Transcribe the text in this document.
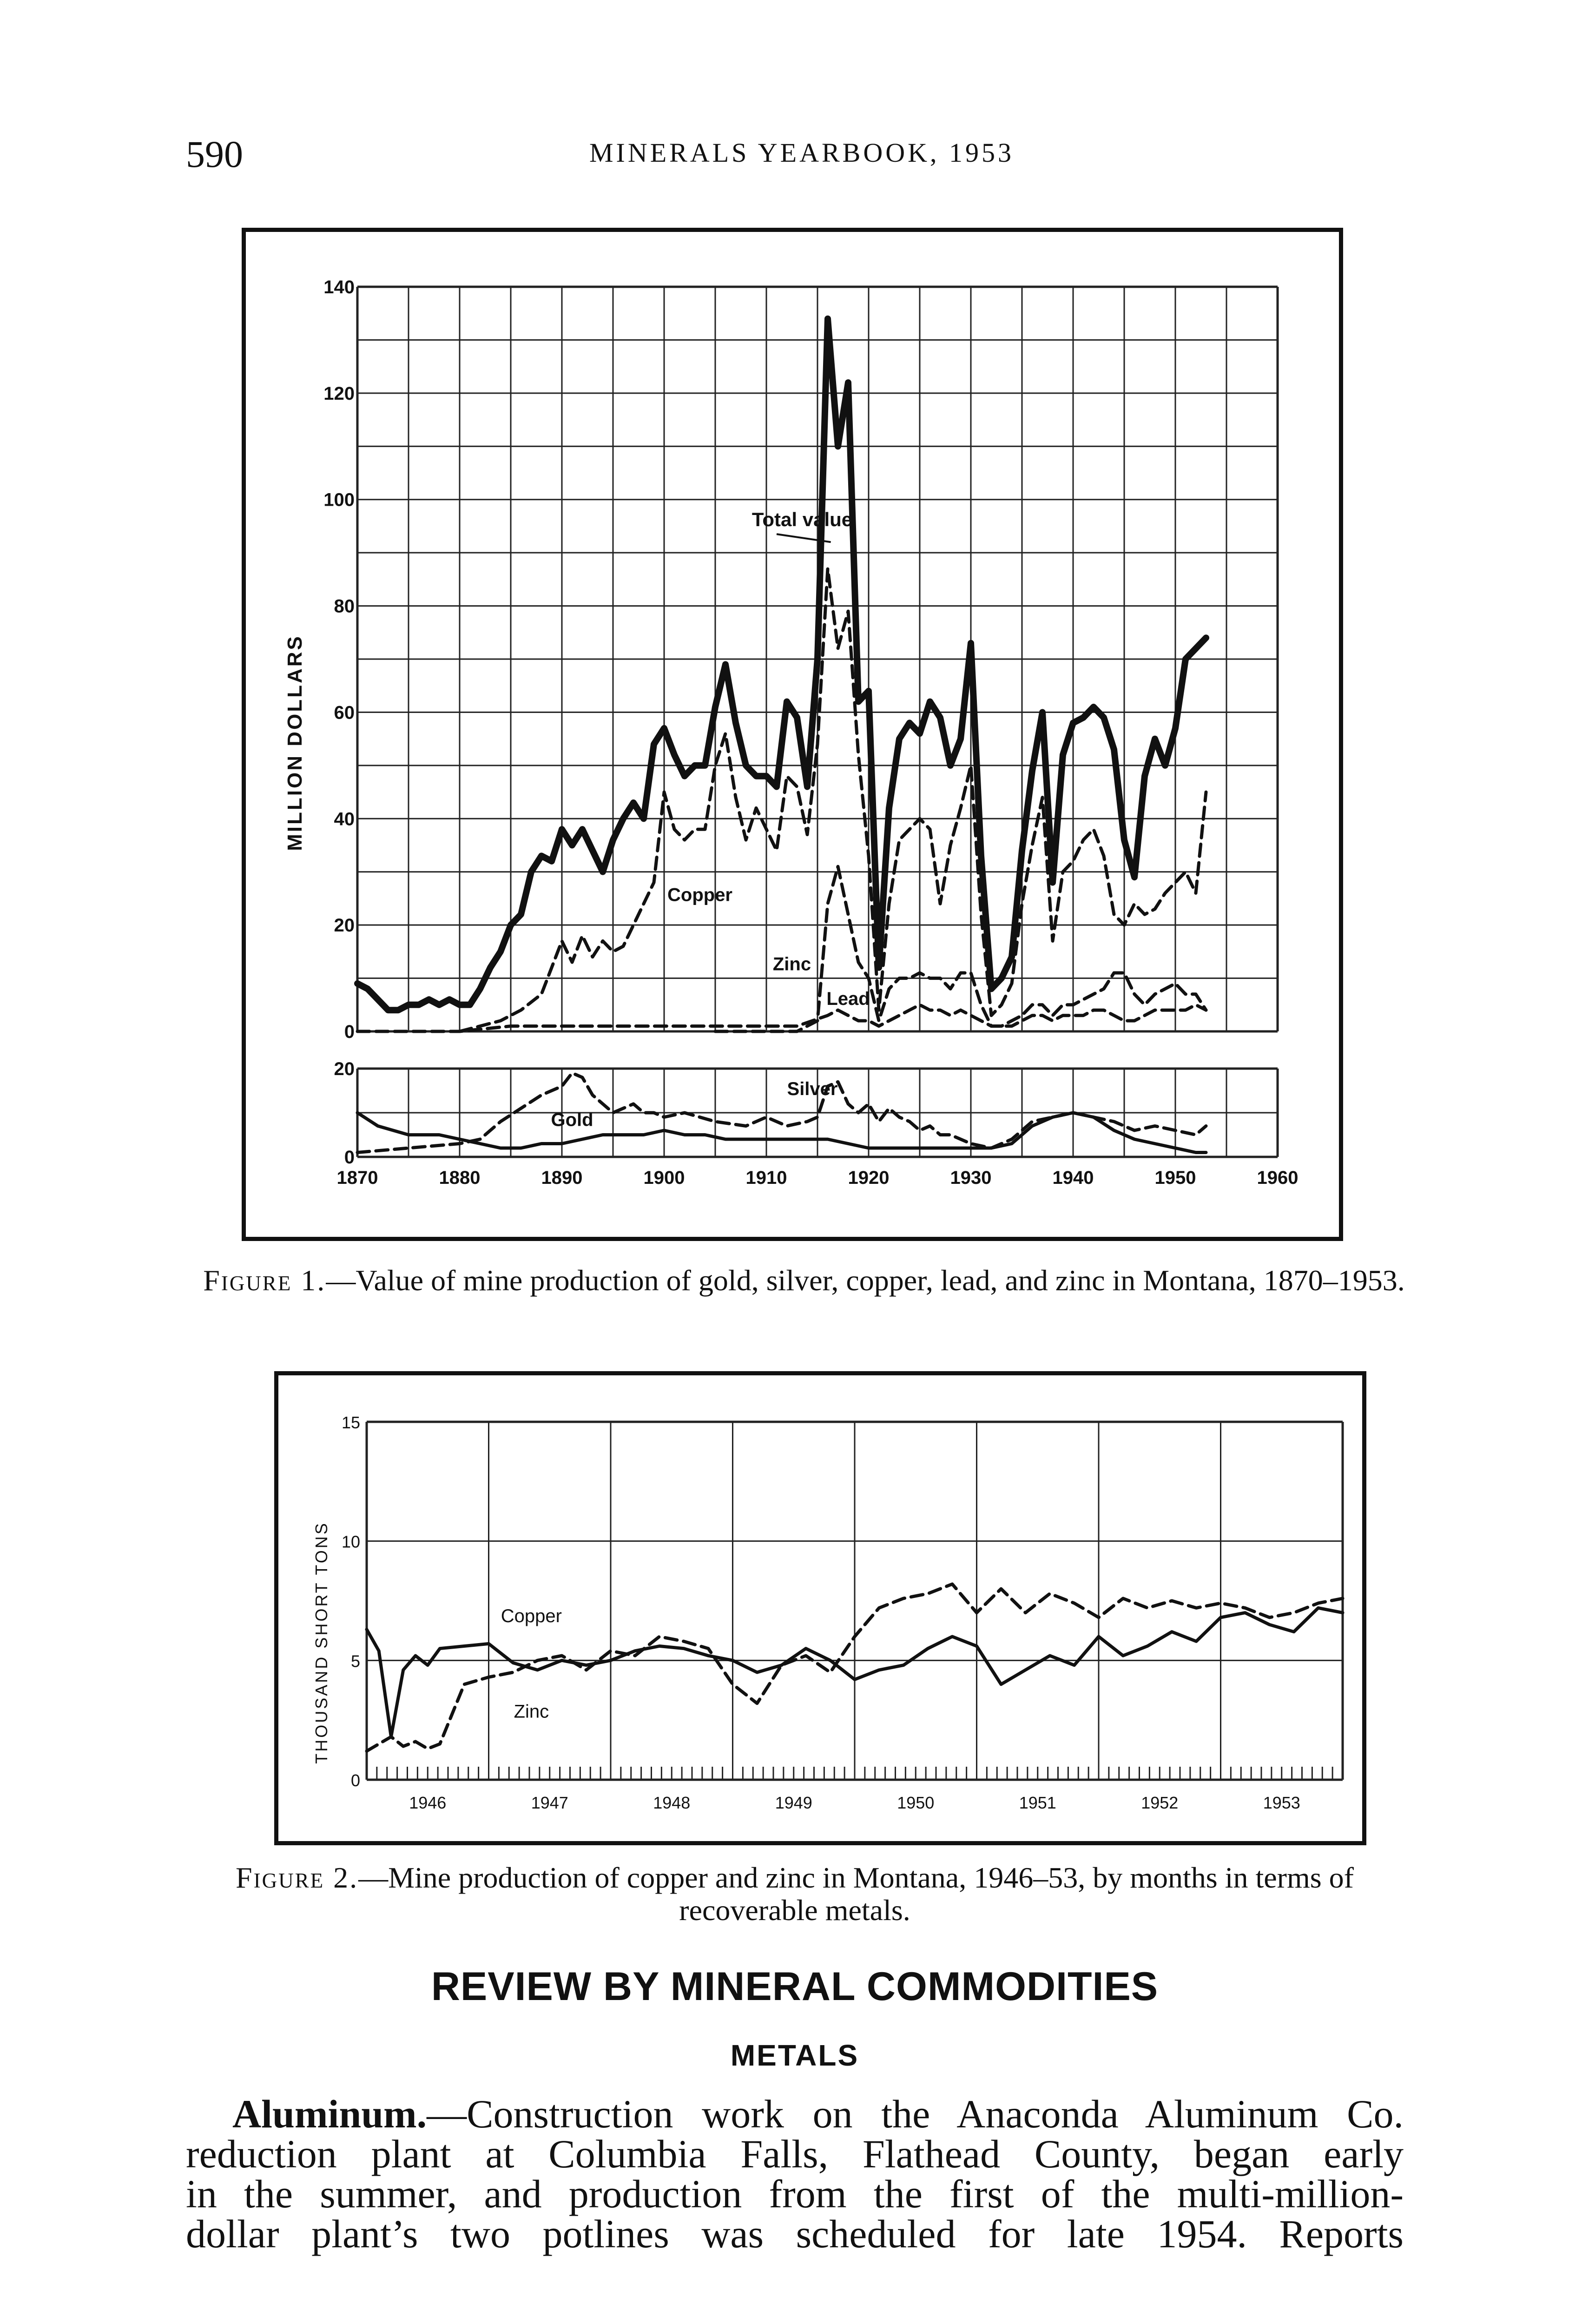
590	MINERALS YEARBOOK, 1953
0
20
40
60
80
100
120
140
0
20
1870	1880	1890	1900	1910	1920	1930	1940	1950	1960
MILLION DOLLARS
Total value
Copper
Zinc
Lead
Silver
Gold
Figure 1.—Value of mine production of gold, silver, copper, lead, and zinc in Montana, 1870–1953.
0
5
10
15
1946	1947	1948	1949	1950	1951	1952	1953
THOUSAND SHORT TONS	Copper
Zinc
Figure 2.—Mine production of copper and zinc in Montana, 1946–53, by months in terms of recoverable metals.
REVIEW BY MINERAL COMMODITIES
METALS
Aluminum.—Construction work on the Anaconda Aluminum Co.
reduction plant at Columbia Falls, Flathead County, began early
in the summer, and production from the first of the multi-million-
dollar plant’s two potlines was scheduled for late 1954. Reports
